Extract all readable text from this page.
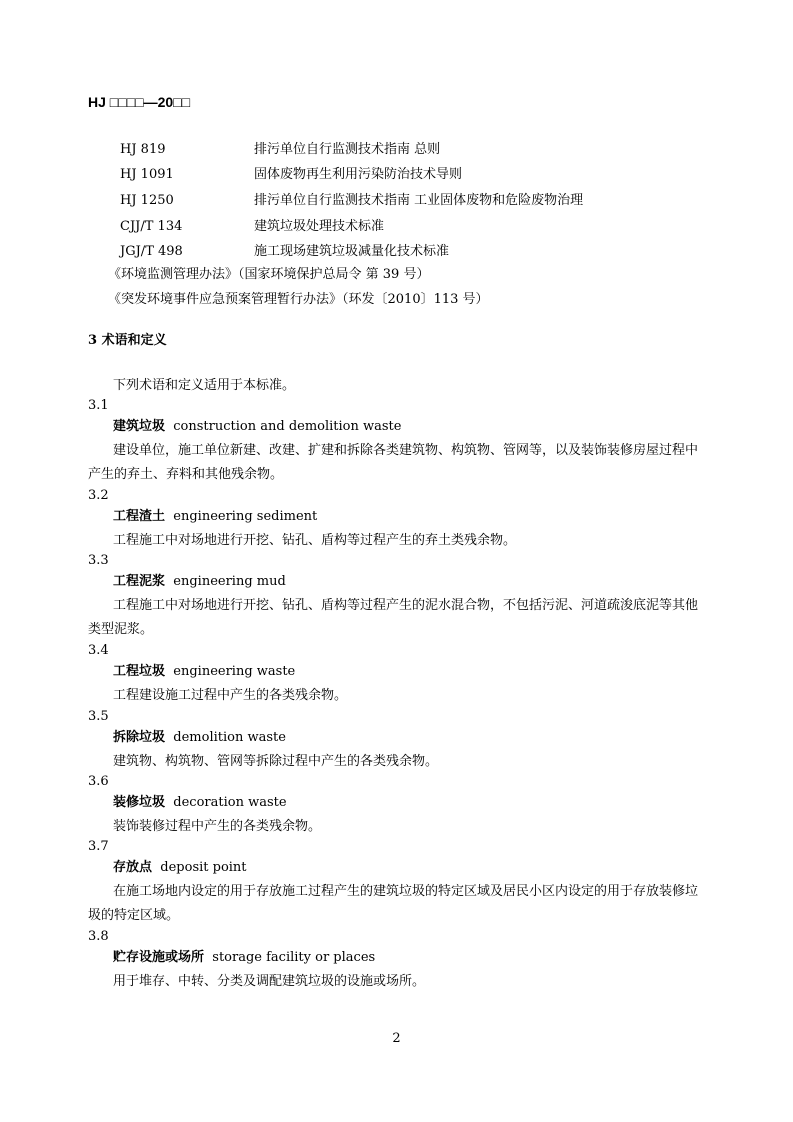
HJ □□□□—20□□
HJ 819	排污单位自行监测技术指南 总则
HJ 1091	固体废物再生利用污染防治技术导则
HJ 1250	排污单位自行监测技术指南 工业固体废物和危险废物治理
CJJ/T 134	建筑垃圾处理技术标准
JGJ/T 498	施工现场建筑垃圾减量化技术标准
《环境监测管理办法》（国家环境保护总局令 第 39 号）
《突发环境事件应急预案管理暂行办法》（环发〔2010〕113 号）
3 术语和定义
下列术语和定义适用于本标准。
3.1
建筑垃圾 construction and demolition waste
建设单位，施工单位新建、改建、扩建和拆除各类建筑物、构筑物、管网等，以及装饰装修房屋过程中产生的弃土、弃料和其他残余物。
3.2
工程渣土 engineering sediment
工程施工中对场地进行开挖、钻孔、盾构等过程产生的弃土类残余物。
3.3
工程泥浆 engineering mud
工程施工中对场地进行开挖、钻孔、盾构等过程产生的泥水混合物，不包括污泥、河道疏浚底泥等其他类型泥浆。
3.4
工程垃圾 engineering waste
工程建设施工过程中产生的各类残余物。
3.5
拆除垃圾 demolition waste
建筑物、构筑物、管网等拆除过程中产生的各类残余物。
3.6
装修垃圾 decoration waste
装饰装修过程中产生的各类残余物。
3.7
存放点 deposit point
在施工场地内设定的用于存放施工过程产生的建筑垃圾的特定区域及居民小区内设定的用于存放装修垃圾的特定区域。
3.8
贮存设施或场所 storage facility or places
用于堆存、中转、分类及调配建筑垃圾的设施或场所。
2
